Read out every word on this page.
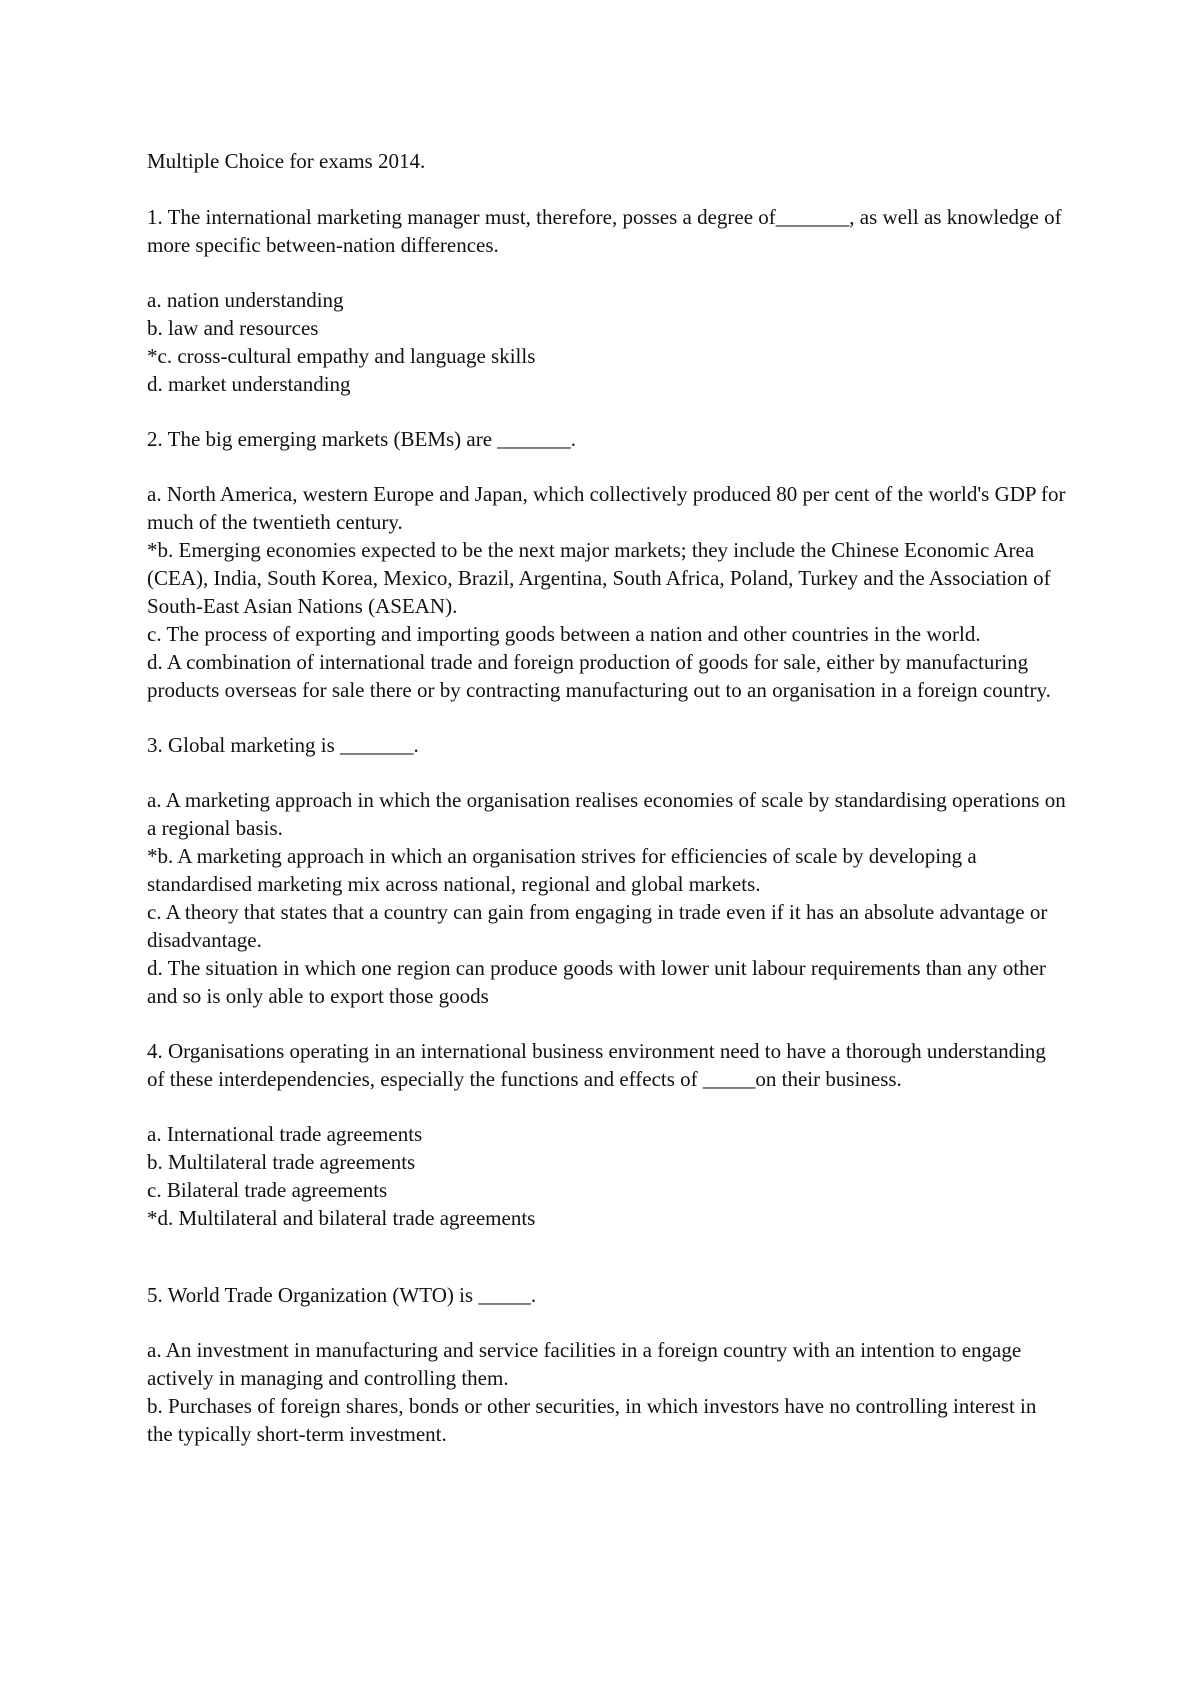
Multiple Choice for exams 2014.
1. The international marketing manager must, therefore, posses a degree of_______, as well as knowledge of more specific between-nation differences.
a. nation understanding
b. law and resources
*c. cross-cultural empathy and language skills
d. market understanding
2. The big emerging markets (BEMs) are _______.
a. North America, western Europe and Japan, which collectively produced 80 per cent of the world's GDP for much of the twentieth century.
*b. Emerging economies expected to be the next major markets; they include the Chinese Economic Area (CEA), India, South Korea, Mexico, Brazil, Argentina, South Africa, Poland, Turkey and the Association of South-East Asian Nations (ASEAN).
c. The process of exporting and importing goods between a nation and other countries in the world.
d. A combination of international trade and foreign production of goods for sale, either by manufacturing products overseas for sale there or by contracting manufacturing out to an organisation in a foreign country.
3. Global marketing is _______.
a. A marketing approach in which the organisation realises economies of scale by standardising operations on a regional basis.
*b. A marketing approach in which an organisation strives for efficiencies of scale by developing a standardised marketing mix across national, regional and global markets.
c. A theory that states that a country can gain from engaging in trade even if it has an absolute advantage or disadvantage.
d. The situation in which one region can produce goods with lower unit labour requirements than any other and so is only able to export those goods
4. Organisations operating in an international business environment need to have a thorough understanding of these interdependencies, especially the functions and effects of _____on their business.
a. International trade agreements
b. Multilateral trade agreements
c. Bilateral trade agreements
*d. Multilateral and bilateral trade agreements
5. World Trade Organization (WTO) is _____.
a. An investment in manufacturing and service facilities in a foreign country with an intention to engage actively in managing and controlling them.
b. Purchases of foreign shares, bonds or other securities, in which investors have no controlling interest in the typically short-term investment.
